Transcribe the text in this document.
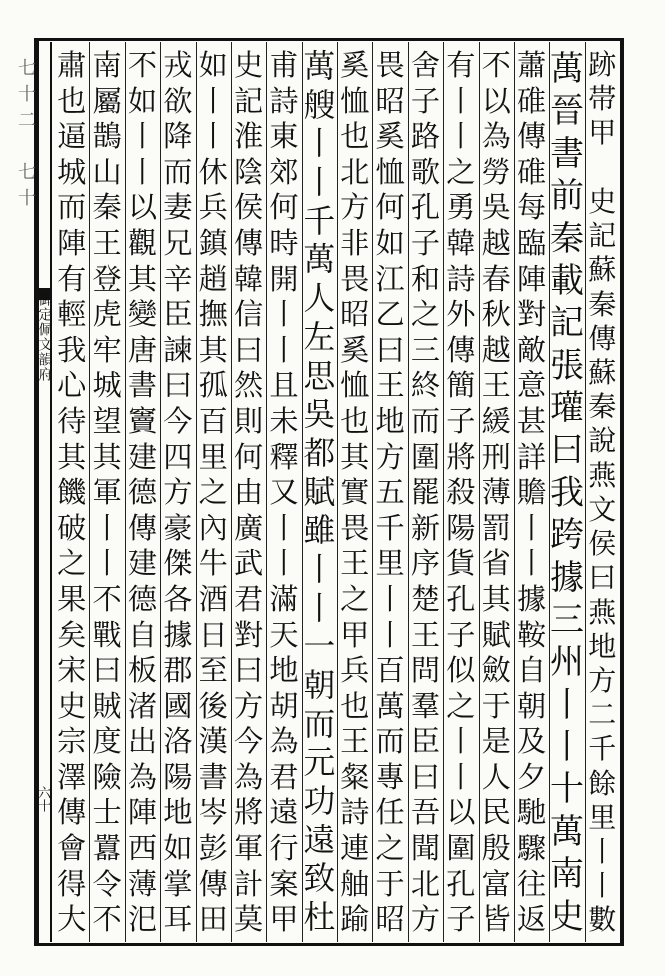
御定佩文韻府
七十二　七十
六十
跡
帯
甲
史
記
蘇
秦
傳
蘇
秦
說
燕
文
侯
曰
燕
地
方
二
千
餘
里
丨
丨
數
萬
晉
書
前
秦
載
記
張
瓘
曰
我
跨
據
三
州
丨
丨
十
萬
南
史
蕭
碓
傳
碓
每
臨
陣
對
敵
意
甚
詳
贍
丨
丨
據
鞍
自
朝
及
夕
馳
驟
往
返
不
以
為
勞
吳
越
春
秋
越
王
緩
刑
薄
罰
省
其
賦
斂
于
是
人
民
殷
富
皆
有
丨
丨
之
勇
韓
詩
外
傳
簡
子
將
殺
陽
貨
孔
子
似
之
丨
丨
以
圍
孔
子
舍
子
路
歌
孔
子
和
之
三
終
而
圍
罷
新
序
楚
王
問
羣
臣
曰
吾
聞
北
方
畏
昭
奚
恤
何
如
江
乙
曰
王
地
方
五
千
里
丨
丨
百
萬
而
專
任
之
于
昭
奚
恤
也
北
方
非
畏
昭
奚
恤
也
其
實
畏
王
之
甲
兵
也
王
粲
詩
連
舳
踰
萬
艘
丨
丨
千
萬
人
左
思
吳
都
賦
雖
丨
丨
一
朝
而
元
功
遠
致
杜
甫
詩
東
郊
何
時
開
丨
丨
且
未
釋
又
丨
丨
滿
天
地
胡
為
君
遠
行
案
甲
史
記
淮
陰
侯
傳
韓
信
曰
然
則
何
由
廣
武
君
對
曰
方
今
為
將
軍
計
莫
如
丨
丨
休
兵
鎮
趙
撫
其
孤
百
里
之
內
牛
酒
日
至
後
漢
書
岑
彭
傳
田
戎
欲
降
而
妻
兄
辛
臣
諫
曰
今
四
方
豪
傑
各
據
郡
國
洛
陽
地
如
掌
耳
不
如
丨
丨
以
觀
其
變
唐
書
竇
建
德
傳
建
德
自
板
渚
出
為
陣
西
薄
汜
南
屬
鵲
山
秦
王
登
虎
牢
城
望
其
軍
丨
丨
不
戰
曰
賊
度
險
士
囂
令
不
肅
也
逼
城
而
陣
有
輕
我
心
待
其
饑
破
之
果
矣
宋
史
宗
澤
傳
會
得
大
